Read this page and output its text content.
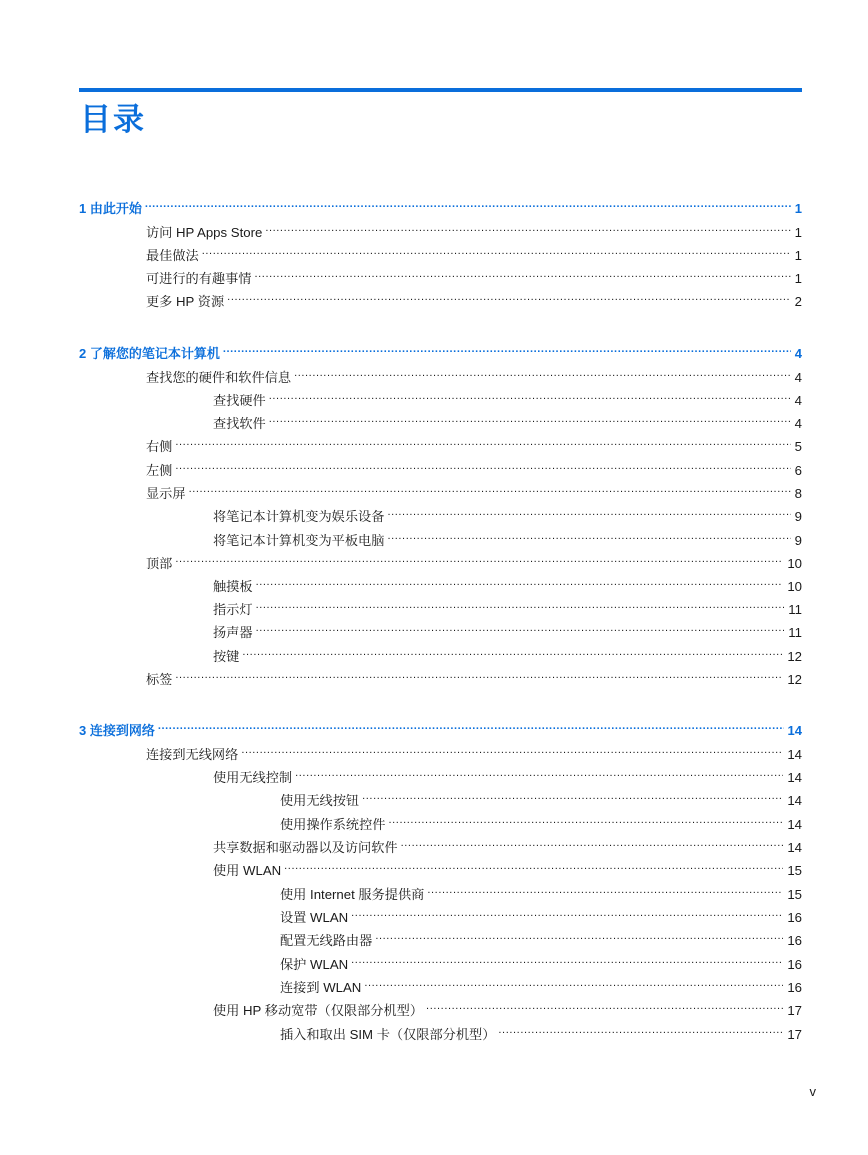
目录
1 由此开始 .....	1
访问 HP Apps Store .....	1
最佳做法 .....	1
可进行的有趣事情 .....	1
更多 HP 资源 .....	2
2 了解您的笔记本计算机 .....	4
查找您的硬件和软件信息 .....	4
查找硬件 .....	4
查找软件 .....	4
右侧 .....	5
左侧 .....	6
显示屏 .....	8
将笔记本计算机变为娱乐设备 .....	9
将笔记本计算机变为平板电脑 .....	9
顶部 .....	10
触摸板 .....	10
指示灯 .....	11
扬声器 .....	11
按键 .....	12
标签 .....	12
3 连接到网络 .....	14
连接到无线网络 .....	14
使用无线控制 .....	14
使用无线按钮 .....	14
使用操作系统控件 .....	14
共享数据和驱动器以及访问软件 .....	14
使用 WLAN .....	15
使用 Internet 服务提供商 .....	15
设置 WLAN .....	16
配置无线路由器 .....	16
保护 WLAN .....	16
连接到 WLAN .....	16
使用 HP 移动宽带（仅限部分机型） .....	17
插入和取出 SIM 卡（仅限部分机型） .....	17
v
